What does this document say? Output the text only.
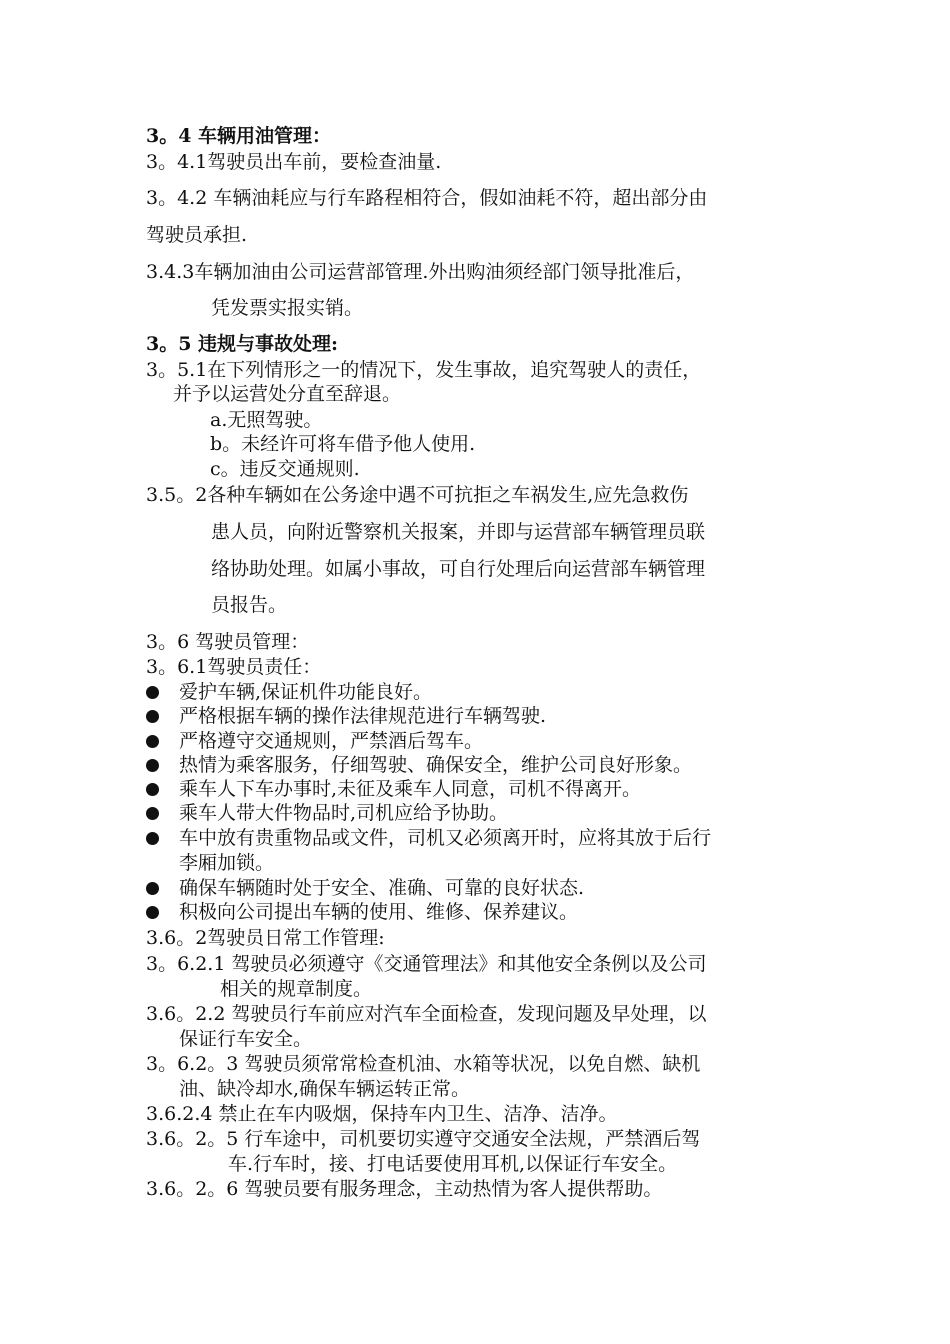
3。4 车辆用油管理：
3。4.1驾驶员出车前，要检查油量.
3。4.2 车辆油耗应与行车路程相符合，假如油耗不符，超出部分由
驾驶员承担.
3.4.3车辆加油由公司运营部管理.外出购油须经部门领导批准后，
凭发票实报实销。
3。5 违规与事故处理:
3。5.1在下列情形之一的情况下，发生事故，追究驾驶人的责任，
并予以运营处分直至辞退。
a.无照驾驶。
b。未经许可将车借予他人使用.
c。违反交通规则.
3.5。2各种车辆如在公务途中遇不可抗拒之车祸发生,应先急救伤
患人员，向附近警察机关报案，并即与运营部车辆管理员联
络协助处理。如属小事故，可自行处理后向运营部车辆管理
员报告。
3。6 驾驶员管理：
3。6.1驾驶员责任：
爱护车辆,保证机件功能良好。
严格根据车辆的操作法律规范进行车辆驾驶.
严格遵守交通规则，严禁酒后驾车。
热情为乘客服务，仔细驾驶、确保安全，维护公司良好形象。
乘车人下车办事时,未征及乘车人同意，司机不得离开。
乘车人带大件物品时,司机应给予协助。
车中放有贵重物品或文件，司机又必须离开时，应将其放于后行
李厢加锁。
确保车辆随时处于安全、准确、可靠的良好状态.
积极向公司提出车辆的使用、维修、保养建议。
3.6。2驾驶员日常工作管理:
3。6.2.1 驾驶员必须遵守《交通管理法》和其他安全条例以及公司
相关的规章制度。
3.6。2.2 驾驶员行车前应对汽车全面检查，发现问题及早处理，以
保证行车安全。
3。6.2。3 驾驶员须常常检查机油、水箱等状况，以免自燃、缺机
油、缺冷却水,确保车辆运转正常。
3.6.2.4 禁止在车内吸烟，保持车内卫生、洁净、洁净。
3.6。2。5 行车途中，司机要切实遵守交通安全法规，严禁酒后驾
车.行车时，接、打电话要使用耳机,以保证行车安全。
3.6。2。6 驾驶员要有服务理念，主动热情为客人提供帮助。
